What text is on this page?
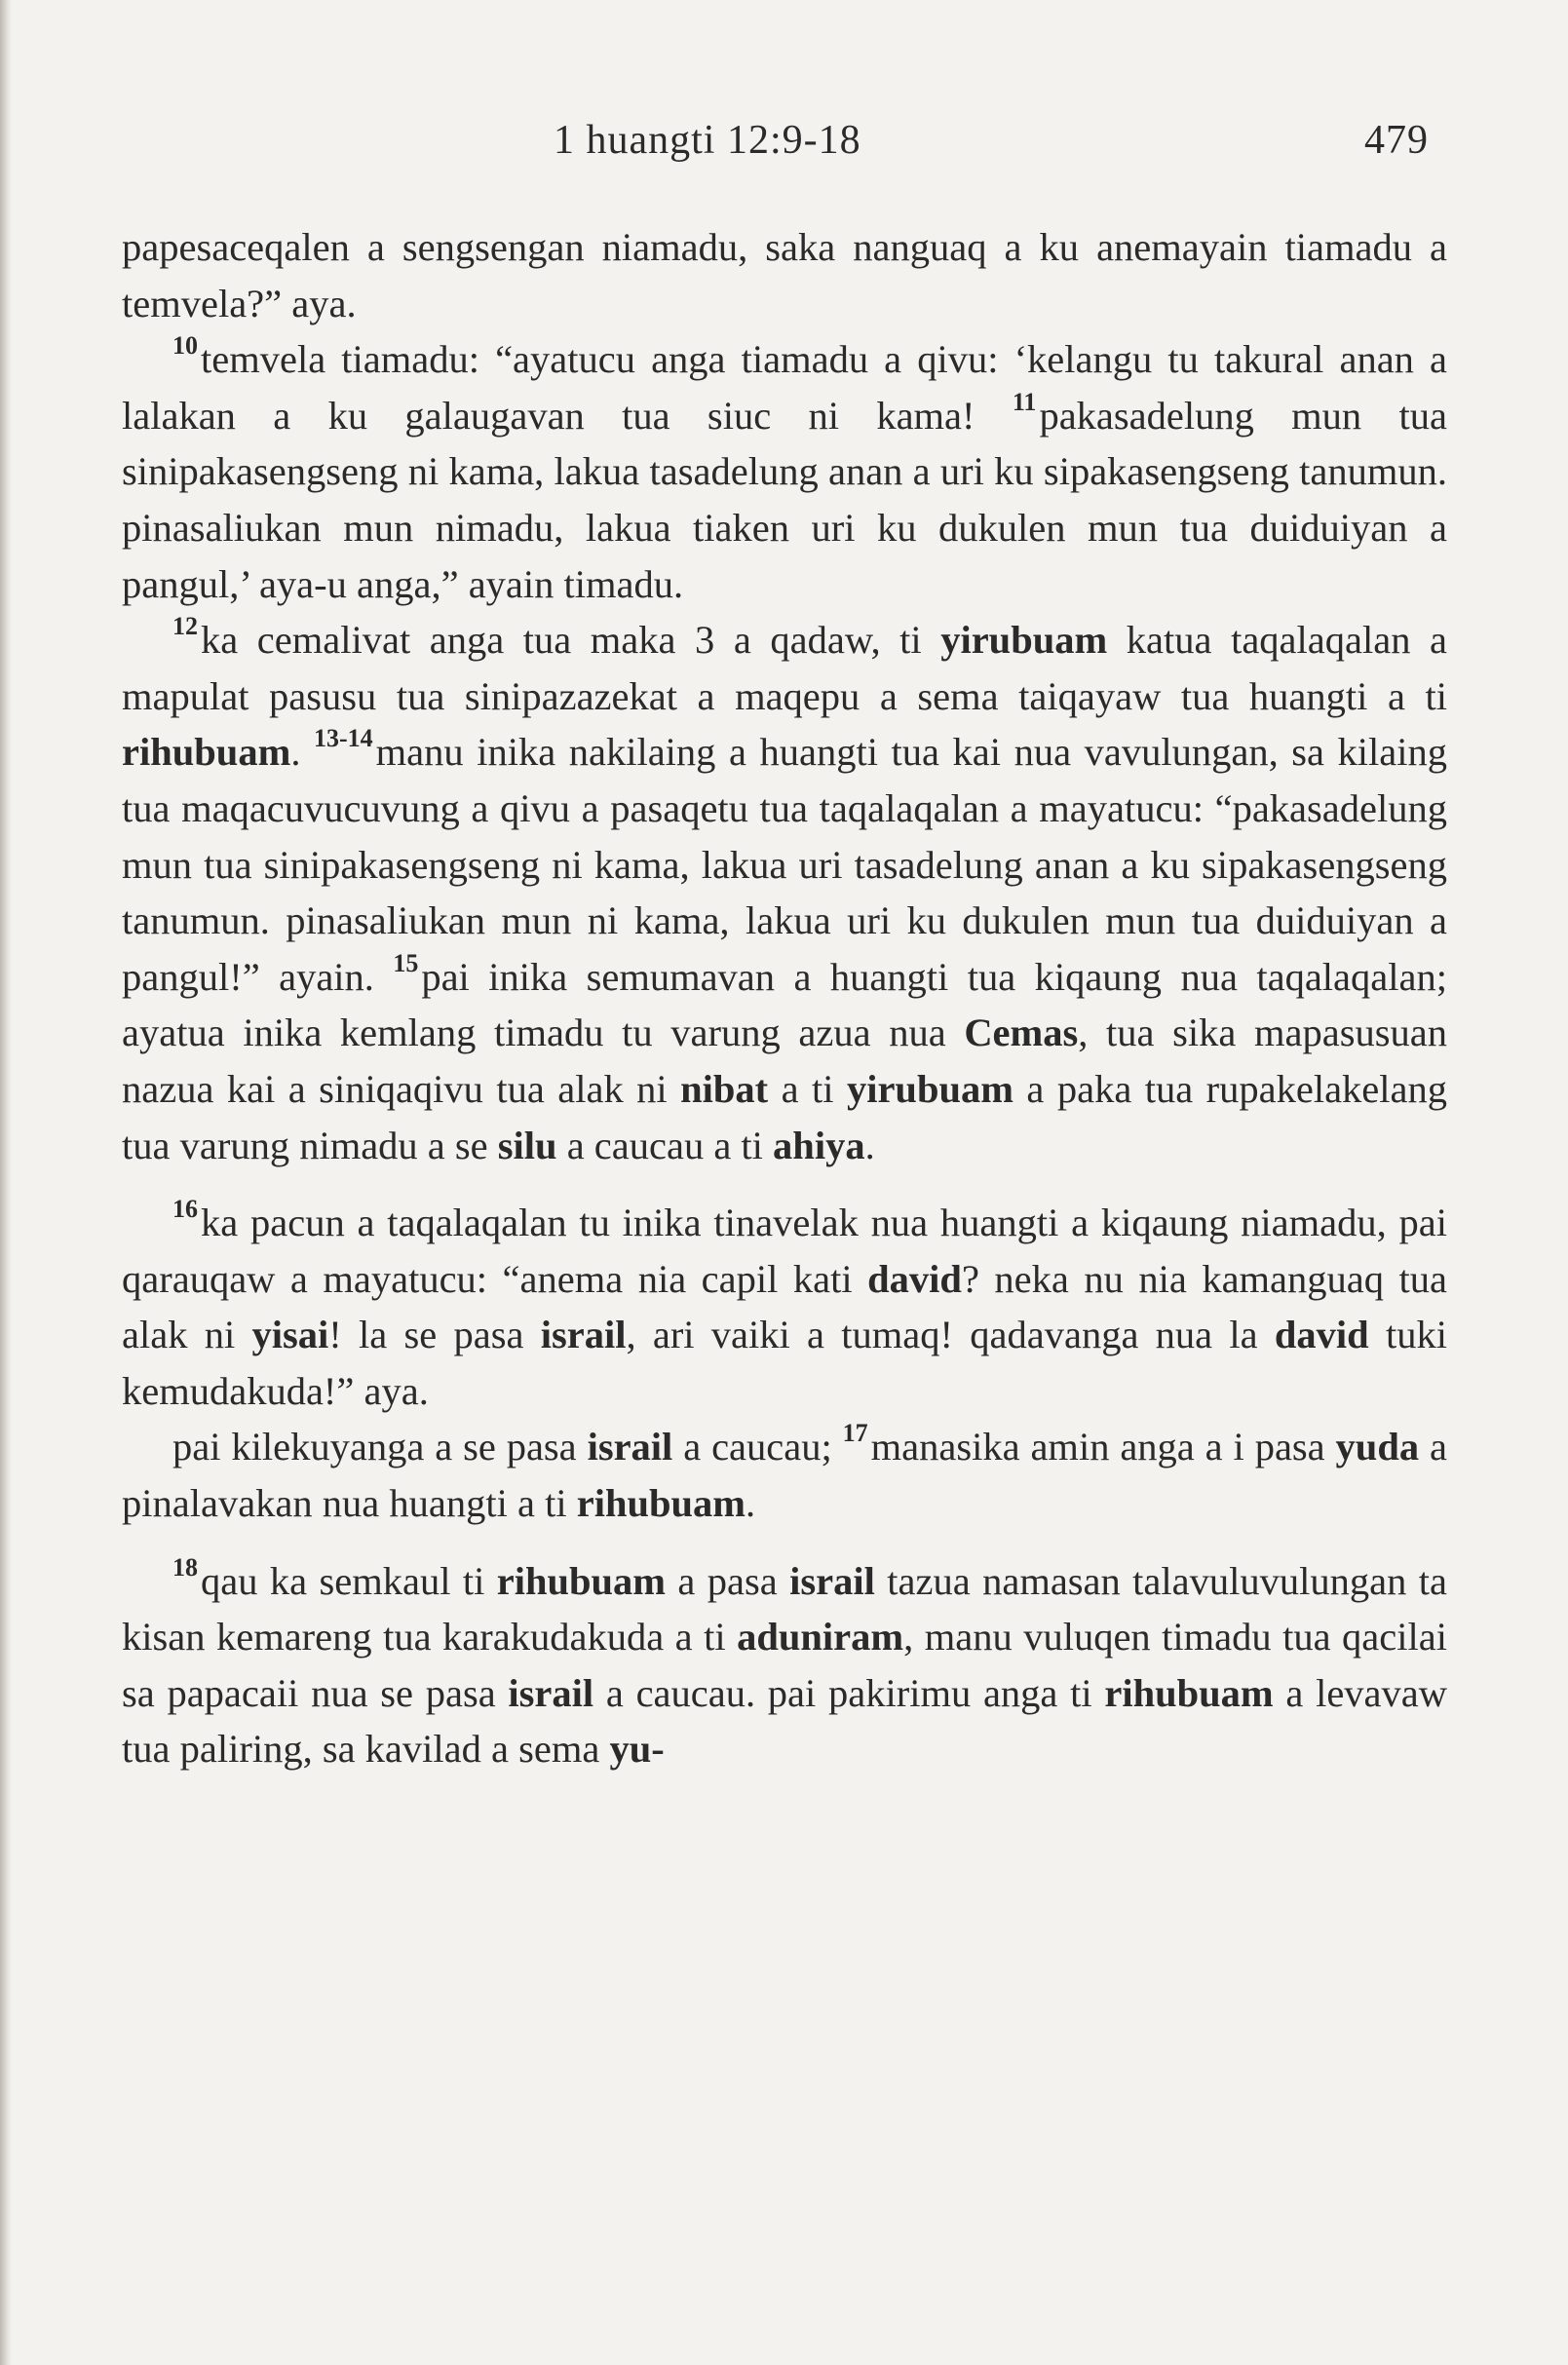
1 huangti 12:9-18	479

papesaceqalen a sengsengan niamadu, saka nanguaq a ku anemayain tiamadu a temvela?” aya.

$^{10}$temvela tiamadu: “ayatucu anga tiamadu a qivu: ‘kelangu tu takural anan a lalakan a ku galaugavan tua siuc ni kama! $^{11}$pakasadelung mun tua sinipakasengseng ni kama, lakua tasadelung anan a uri ku sipakasengseng tanumun. pinasaliukan mun nimadu, lakua tiaken uri ku dukulen mun tua duiduiyan a pangul,’ aya-u anga,” ayain timadu.

$^{12}$ka cemalivat anga tua maka 3 a qadaw, ti yirubuam katua taqalaqalan a mapulat pasusu tua sinipazazekat a maqepu a sema taiqayaw tua huangti a ti rihubuam. $^{13-14}$manu inika nakilaing a huangti tua kai nua vavulungan, sa kilaing tua maqacuvucuvung a qivu a pasaqetu tua taqalaqalan a mayatucu: “pakasadelung mun tua sinipakasengseng ni kama, lakua uri tasadelung anan a ku sipakasengseng tanumun. pinasaliukan mun ni kama, lakua uri ku dukulen mun tua duiduiyan a pangul!” ayain. $^{15}$pai inika semumavan a huangti tua kiqaung nua taqalaqalan; ayatua inika kemlang timadu tu varung azua nua Cemas, tua sika mapasusuan nazua kai a siniqaqivu tua alak ni nibat a ti yirubuam a paka tua rupakelakelang tua varung nimadu a se silu a caucau a ti ahiya.

$^{16}$ka pacun a taqalaqalan tu inika tinavelak nua huangti a kiqaung niamadu, pai qarauqaw a mayatucu: “anema nia capil kati david? neka nu nia kamanguaq tua alak ni yisai! la se pasa israil, ari vaiki a tumaq! qadavanga nua la david tuki kemudakuda!” aya.

pai kilekuyanga a se pasa israil a caucau; $^{17}$manasika amin anga a i pasa yuda a pinalavakan nua huangti a ti rihubuam.

$^{18}$qau ka semkaul ti rihubuam a pasa israil tazua namasan talavuluvulungan ta kisan kemareng tua karakudakuda a ti aduniram, manu vuluqen timadu tua qacilai sa papacaii nua se pasa israil a caucau. pai pakirimu anga ti rihubuam a levavaw tua paliring, sa kavilad a sema yu-
